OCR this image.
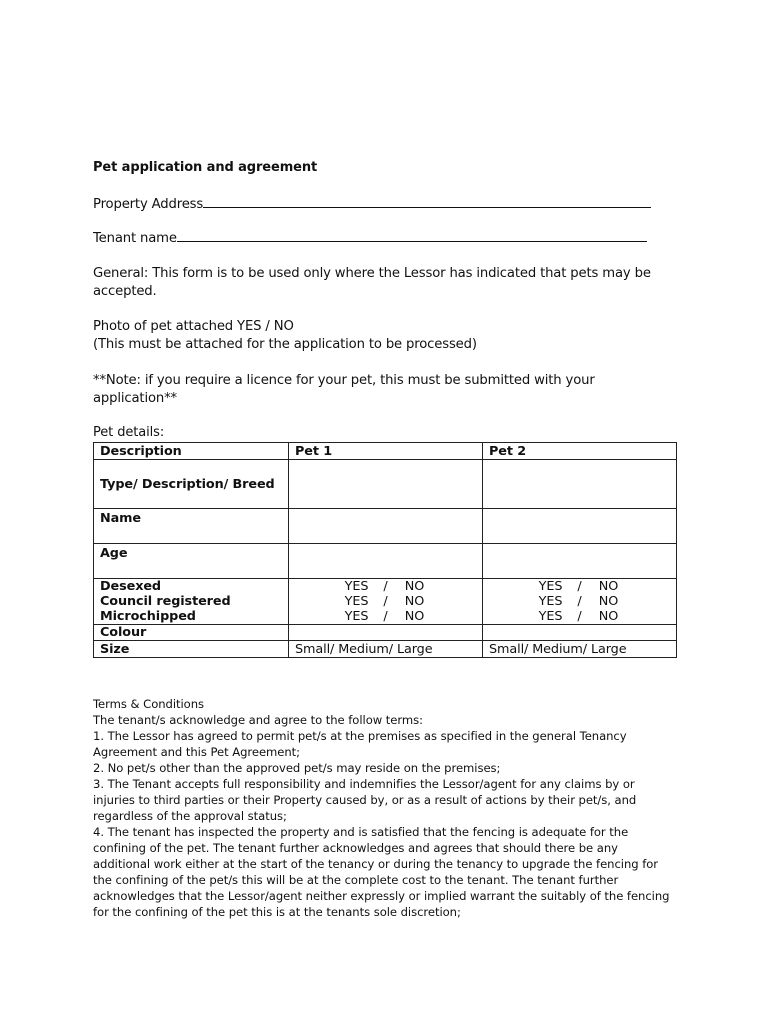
Pet application and agreement
Property Address
Tenant name
General: This form is to be used only where the Lessor has indicated that pets may be accepted.
Photo of pet attached YES / NO
(This must be attached for the application to be processed)
**Note: if you require a licence for your pet, this must be submitted with your application**
Pet details:
Description	Pet 1	Pet 2
Type/ Description/ Breed		
Name		
Age		
Desexed	YES / NO	YES / NO
Council registered	YES / NO	YES / NO
Microchipped	YES / NO	YES / NO
Colour		
Size	Small/ Medium/ Large	Small/ Medium/ Large
Terms & Conditions
The tenant/s acknowledge and agree to the follow terms:
1. The Lessor has agreed to permit pet/s at the premises as specified in the general Tenancy Agreement and this Pet Agreement;
2. No pet/s other than the approved pet/s may reside on the premises;
3. The Tenant accepts full responsibility and indemnifies the Lessor/agent for any claims by or injuries to third parties or their Property caused by, or as a result of actions by their pet/s, and regardless of the approval status;
4. The tenant has inspected the property and is satisfied that the fencing is adequate for the confining of the pet. The tenant further acknowledges and agrees that should there be any additional work either at the start of the tenancy or during the tenancy to upgrade the fencing for the confining of the pet/s this will be at the complete cost to the tenant. The tenant further acknowledges that the Lessor/agent neither expressly or implied warrant the suitably of the fencing for the confining of the pet this is at the tenants sole discretion;
